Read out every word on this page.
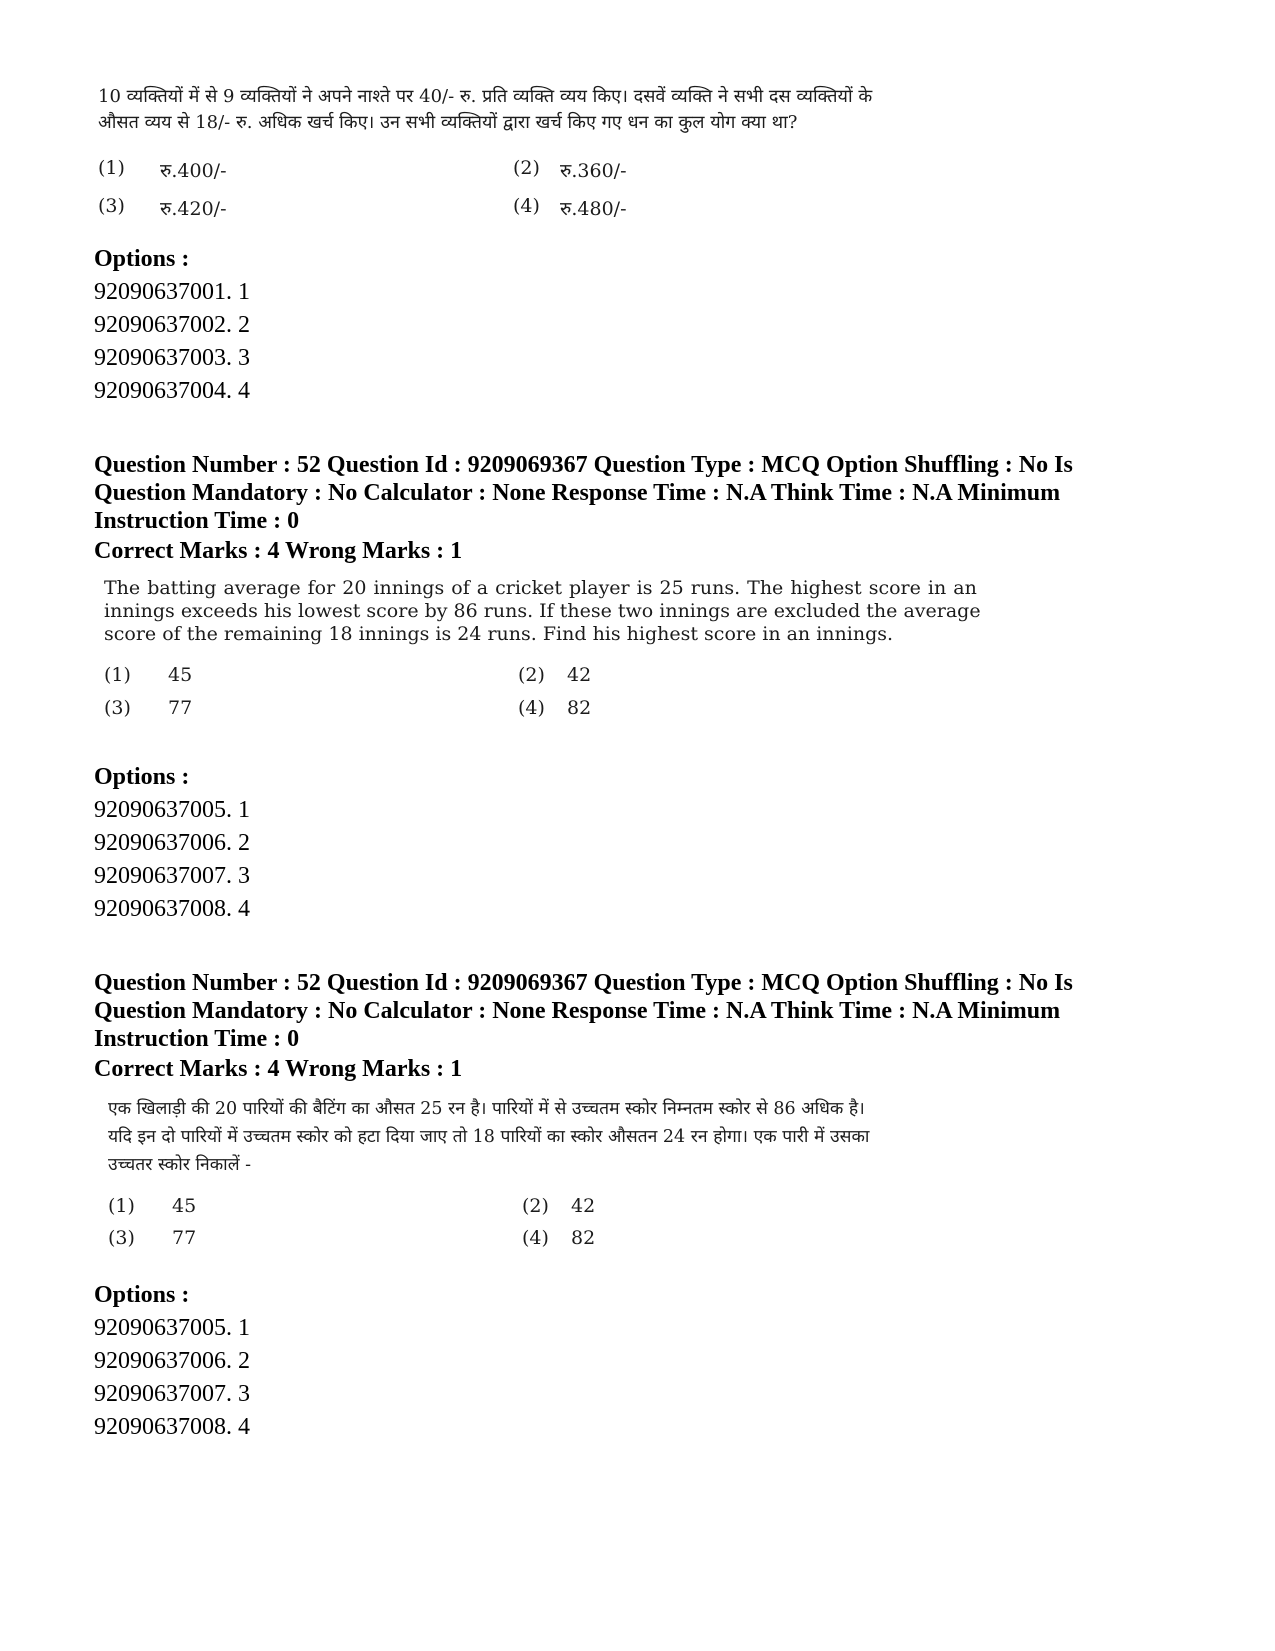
10 व्यक्तियों में से 9 व्यक्तियों ने अपने नाश्ते पर 40/- रु. प्रति व्यक्ति व्यय किए। दसवें व्यक्ति ने सभी दस व्यक्तियों के
औसत व्यय से 18/- रु. अधिक खर्च किए। उन सभी व्यक्तियों द्वारा खर्च किए गए धन का कुल योग क्या था?
(1) रु.400/-	(2) रु.360/-
(3) रु.420/-	(4) रु.480/-
Options :
92090637001. 1
92090637002. 2
92090637003. 3
92090637004. 4
Question Number : 52 Question Id : 9209069367 Question Type : MCQ Option Shuffling : No Is
Question Mandatory : No Calculator : None Response Time : N.A Think Time : N.A Minimum
Instruction Time : 0
Correct Marks : 4 Wrong Marks : 1
The batting average for 20 innings of a cricket player is 25 runs. The highest score in an
innings exceeds his lowest score by 86 runs. If these two innings are excluded the average
score of the remaining 18 innings is 24 runs. Find his highest score in an innings.
(1) 45	(2) 42
(3) 77	(4) 82
Options :
92090637005. 1
92090637006. 2
92090637007. 3
92090637008. 4
Question Number : 52 Question Id : 9209069367 Question Type : MCQ Option Shuffling : No Is
Question Mandatory : No Calculator : None Response Time : N.A Think Time : N.A Minimum
Instruction Time : 0
Correct Marks : 4 Wrong Marks : 1
एक खिलाड़ी की 20 पारियों की बैटिंग का औसत 25 रन है। पारियों में से उच्चतम स्कोर निम्नतम स्कोर से 86 अधिक है।
यदि इन दो पारियों में उच्चतम स्कोर को हटा दिया जाए तो 18 पारियों का स्कोर औसतन 24 रन होगा। एक पारी में उसका
उच्चतर स्कोर निकालें -
(1) 45	(2) 42
(3) 77	(4) 82
Options :
92090637005. 1
92090637006. 2
92090637007. 3
92090637008. 4
